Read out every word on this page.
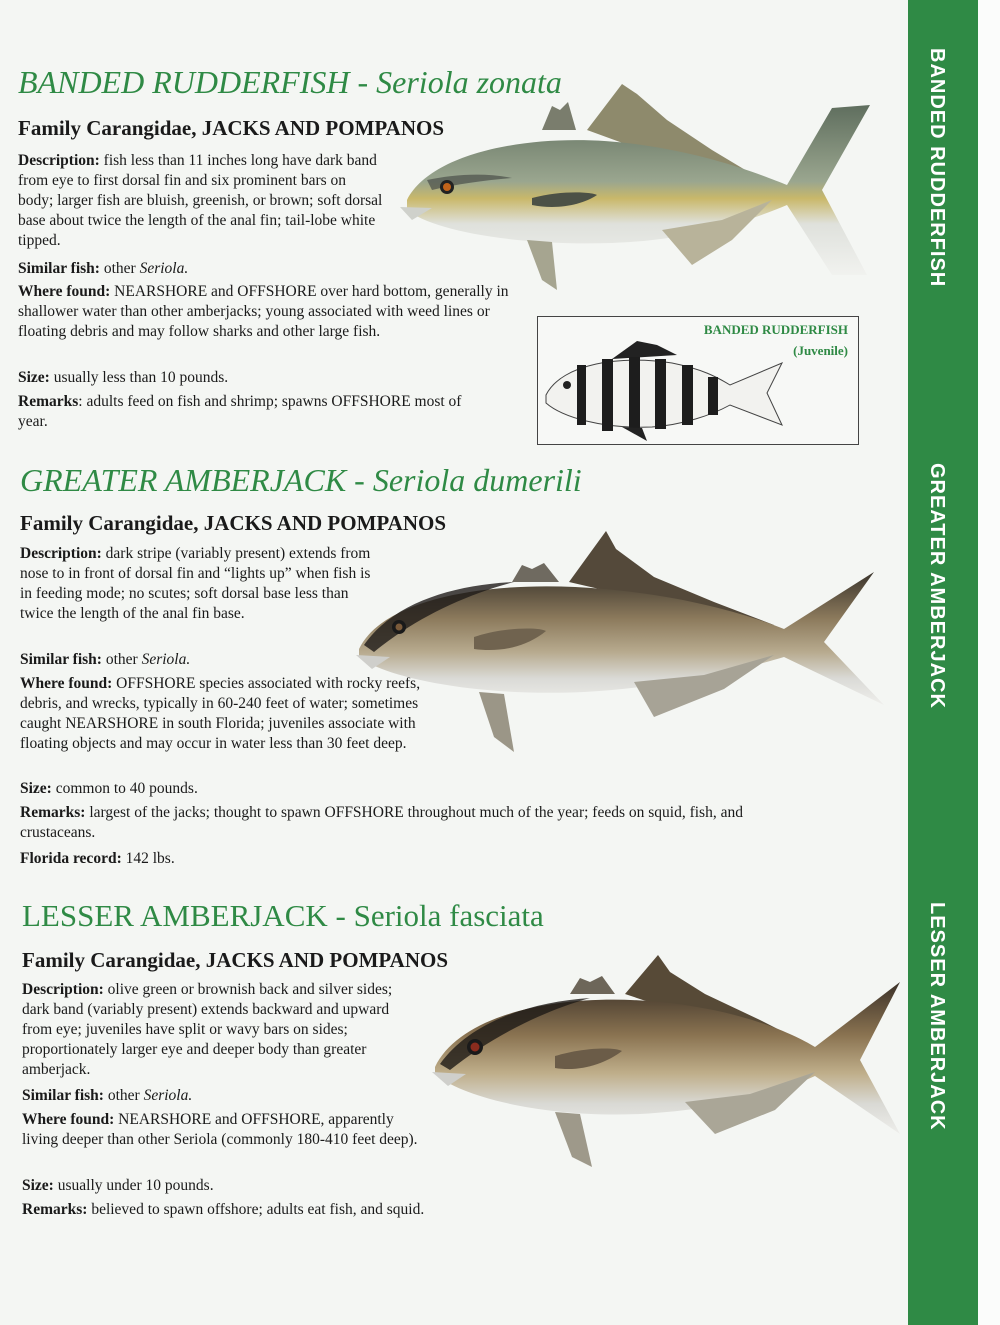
BANDED RUDDERFISH
GREATER AMBERJACK
LESSER AMBERJACK
BANDED RUDDERFISH - Seriola zonata
Family Carangidae, JACKS AND POMPANOS
Description: fish less than 11 inches long have dark band from eye to first dorsal fin and six prominent bars on body; larger fish are bluish, greenish, or brown; soft dorsal base about twice the length of the anal fin; tail-lobe white tipped.
Similar fish: other Seriola.
Where found: NEARSHORE and OFFSHORE over hard bottom, generally in shallower water than other amberjacks; young associated with weed lines or floating debris and may follow sharks and other large fish.
Size: usually less than 10 pounds.
Remarks: adults feed on fish and shrimp; spawns OFFSHORE most of year.
BANDED RUDDERFISH
(Juvenile)
GREATER AMBERJACK - Seriola dumerili
Family Carangidae, JACKS AND POMPANOS
Description: dark stripe (variably present) extends from nose to in front of dorsal fin and “lights up” when fish is in feeding mode; no scutes; soft dorsal base less than twice the length of the anal fin base.
Similar fish: other Seriola.
Where found: OFFSHORE species associated with rocky reefs, debris, and wrecks, typically in 60-240 feet of water; sometimes caught NEARSHORE in south Florida; juveniles associate with floating objects and may occur in water less than 30 feet deep.
Size: common to 40 pounds.
Remarks: largest of the jacks; thought to spawn OFFSHORE throughout much of the year; feeds on squid, fish, and crustaceans.
Florida record: 142 lbs.
LESSER AMBERJACK - Seriola fasciata
Family Carangidae, JACKS AND POMPANOS
Description: olive green or brownish back and silver sides; dark band (variably present) extends backward and upward from eye; juveniles have split or wavy bars on sides; proportionately larger eye and deeper body than greater amberjack.
Similar fish: other Seriola.
Where found: NEARSHORE and OFFSHORE, apparently living deeper than other Seriola (commonly 180-410 feet deep).
Size: usually under 10 pounds.
Remarks: believed to spawn offshore; adults eat fish, and squid.
